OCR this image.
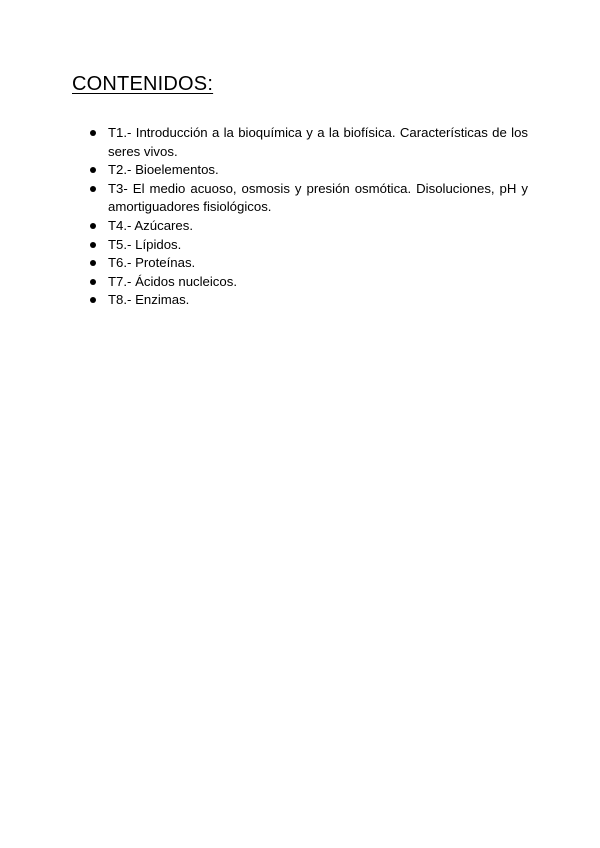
CONTENIDOS:
T1.- Introducción a la bioquímica y a la biofísica. Características de los seres vivos.
T2.- Bioelementos.
T3- El medio acuoso, osmosis y presión osmótica. Disoluciones, pH y amortiguadores fisiológicos.
T4.- Azúcares.
T5.- Lípidos.
T6.- Proteínas.
T7.- Ácidos nucleicos.
T8.- Enzimas.
